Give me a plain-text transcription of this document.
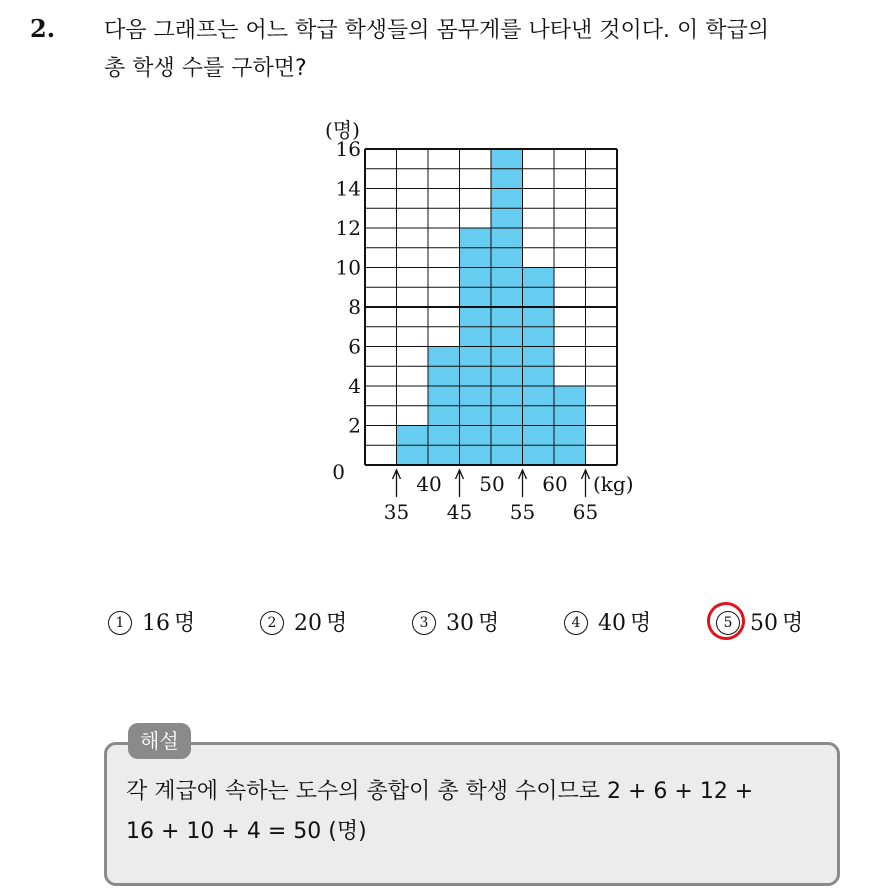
2. 다음 그래프는 어느 학급 학생들의 몸무게를 나타낸 것이다. 이 학급의
총 학생 수를 구하면?
(명)
2
4
6
8
10
12
14
16
0	40 50 60
35 45 55 65
(kg)
1 16 명	2 20 명	3 30 명	4 40 명	5 50 명
해설
각 계급에 속하는 도수의 총합이 총 학생 수이므로 2 + 6 + 12 +
16 + 10 + 4 = 50 (명)
